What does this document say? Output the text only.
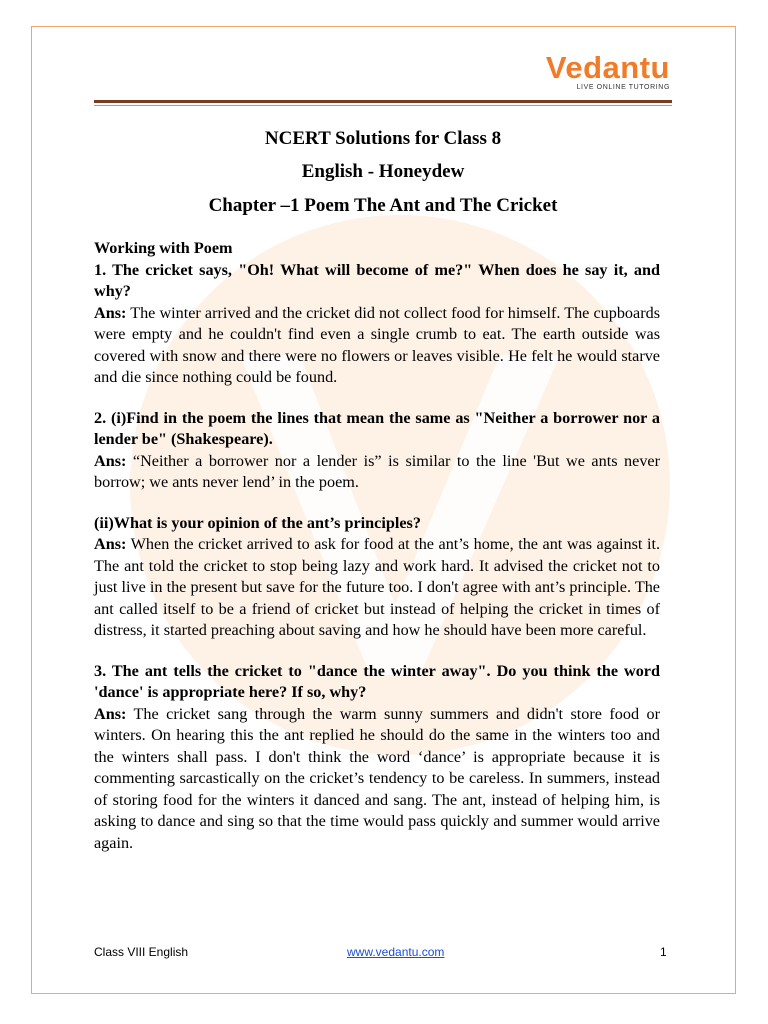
Vedantu
LIVE ONLINE TUTORING
NCERT Solutions for Class 8
English - Honeydew
Chapter –1 Poem The Ant and The Cricket

Working with Poem

1. The cricket says, "Oh! What will become of me?" When does he say it, and why?

Ans: The winter arrived and the cricket did not collect food for himself. The cupboards were empty and he couldn't find even a single crumb to eat. The earth outside was covered with snow and there were no flowers or leaves visible. He felt he would starve and die since nothing could be found.

2. (i)Find in the poem the lines that mean the same as "Neither a borrower nor a lender be" (Shakespeare).

Ans: “Neither a borrower nor a lender is” is similar to the line 'But we ants never borrow; we ants never lend’ in the poem.

(ii)What is your opinion of the ant’s principles?

Ans: When the cricket arrived to ask for food at the ant’s home, the ant was against it. The ant told the cricket to stop being lazy and work hard. It advised the cricket not to just live in the present but save for the future too. I don't agree with ant’s principle. The ant called itself to be a friend of cricket but instead of helping the cricket in times of distress, it started preaching about saving and how he should have been more careful.

3. The ant tells the cricket to "dance the winter away". Do you think the word 'dance' is appropriate here? If so, why?

Ans: The cricket sang through the warm sunny summers and didn't store food or winters. On hearing this the ant replied he should do the same in the winters too and the winters shall pass. I don't think the word ‘dance’ is appropriate because it is commenting sarcastically on the cricket’s tendency to be careless. In summers, instead of storing food for the winters it danced and sang. The ant, instead of helping him, is asking to dance and sing so that the time would pass quickly and summer would arrive again.

Class VIII English	www.vedantu.com	1
